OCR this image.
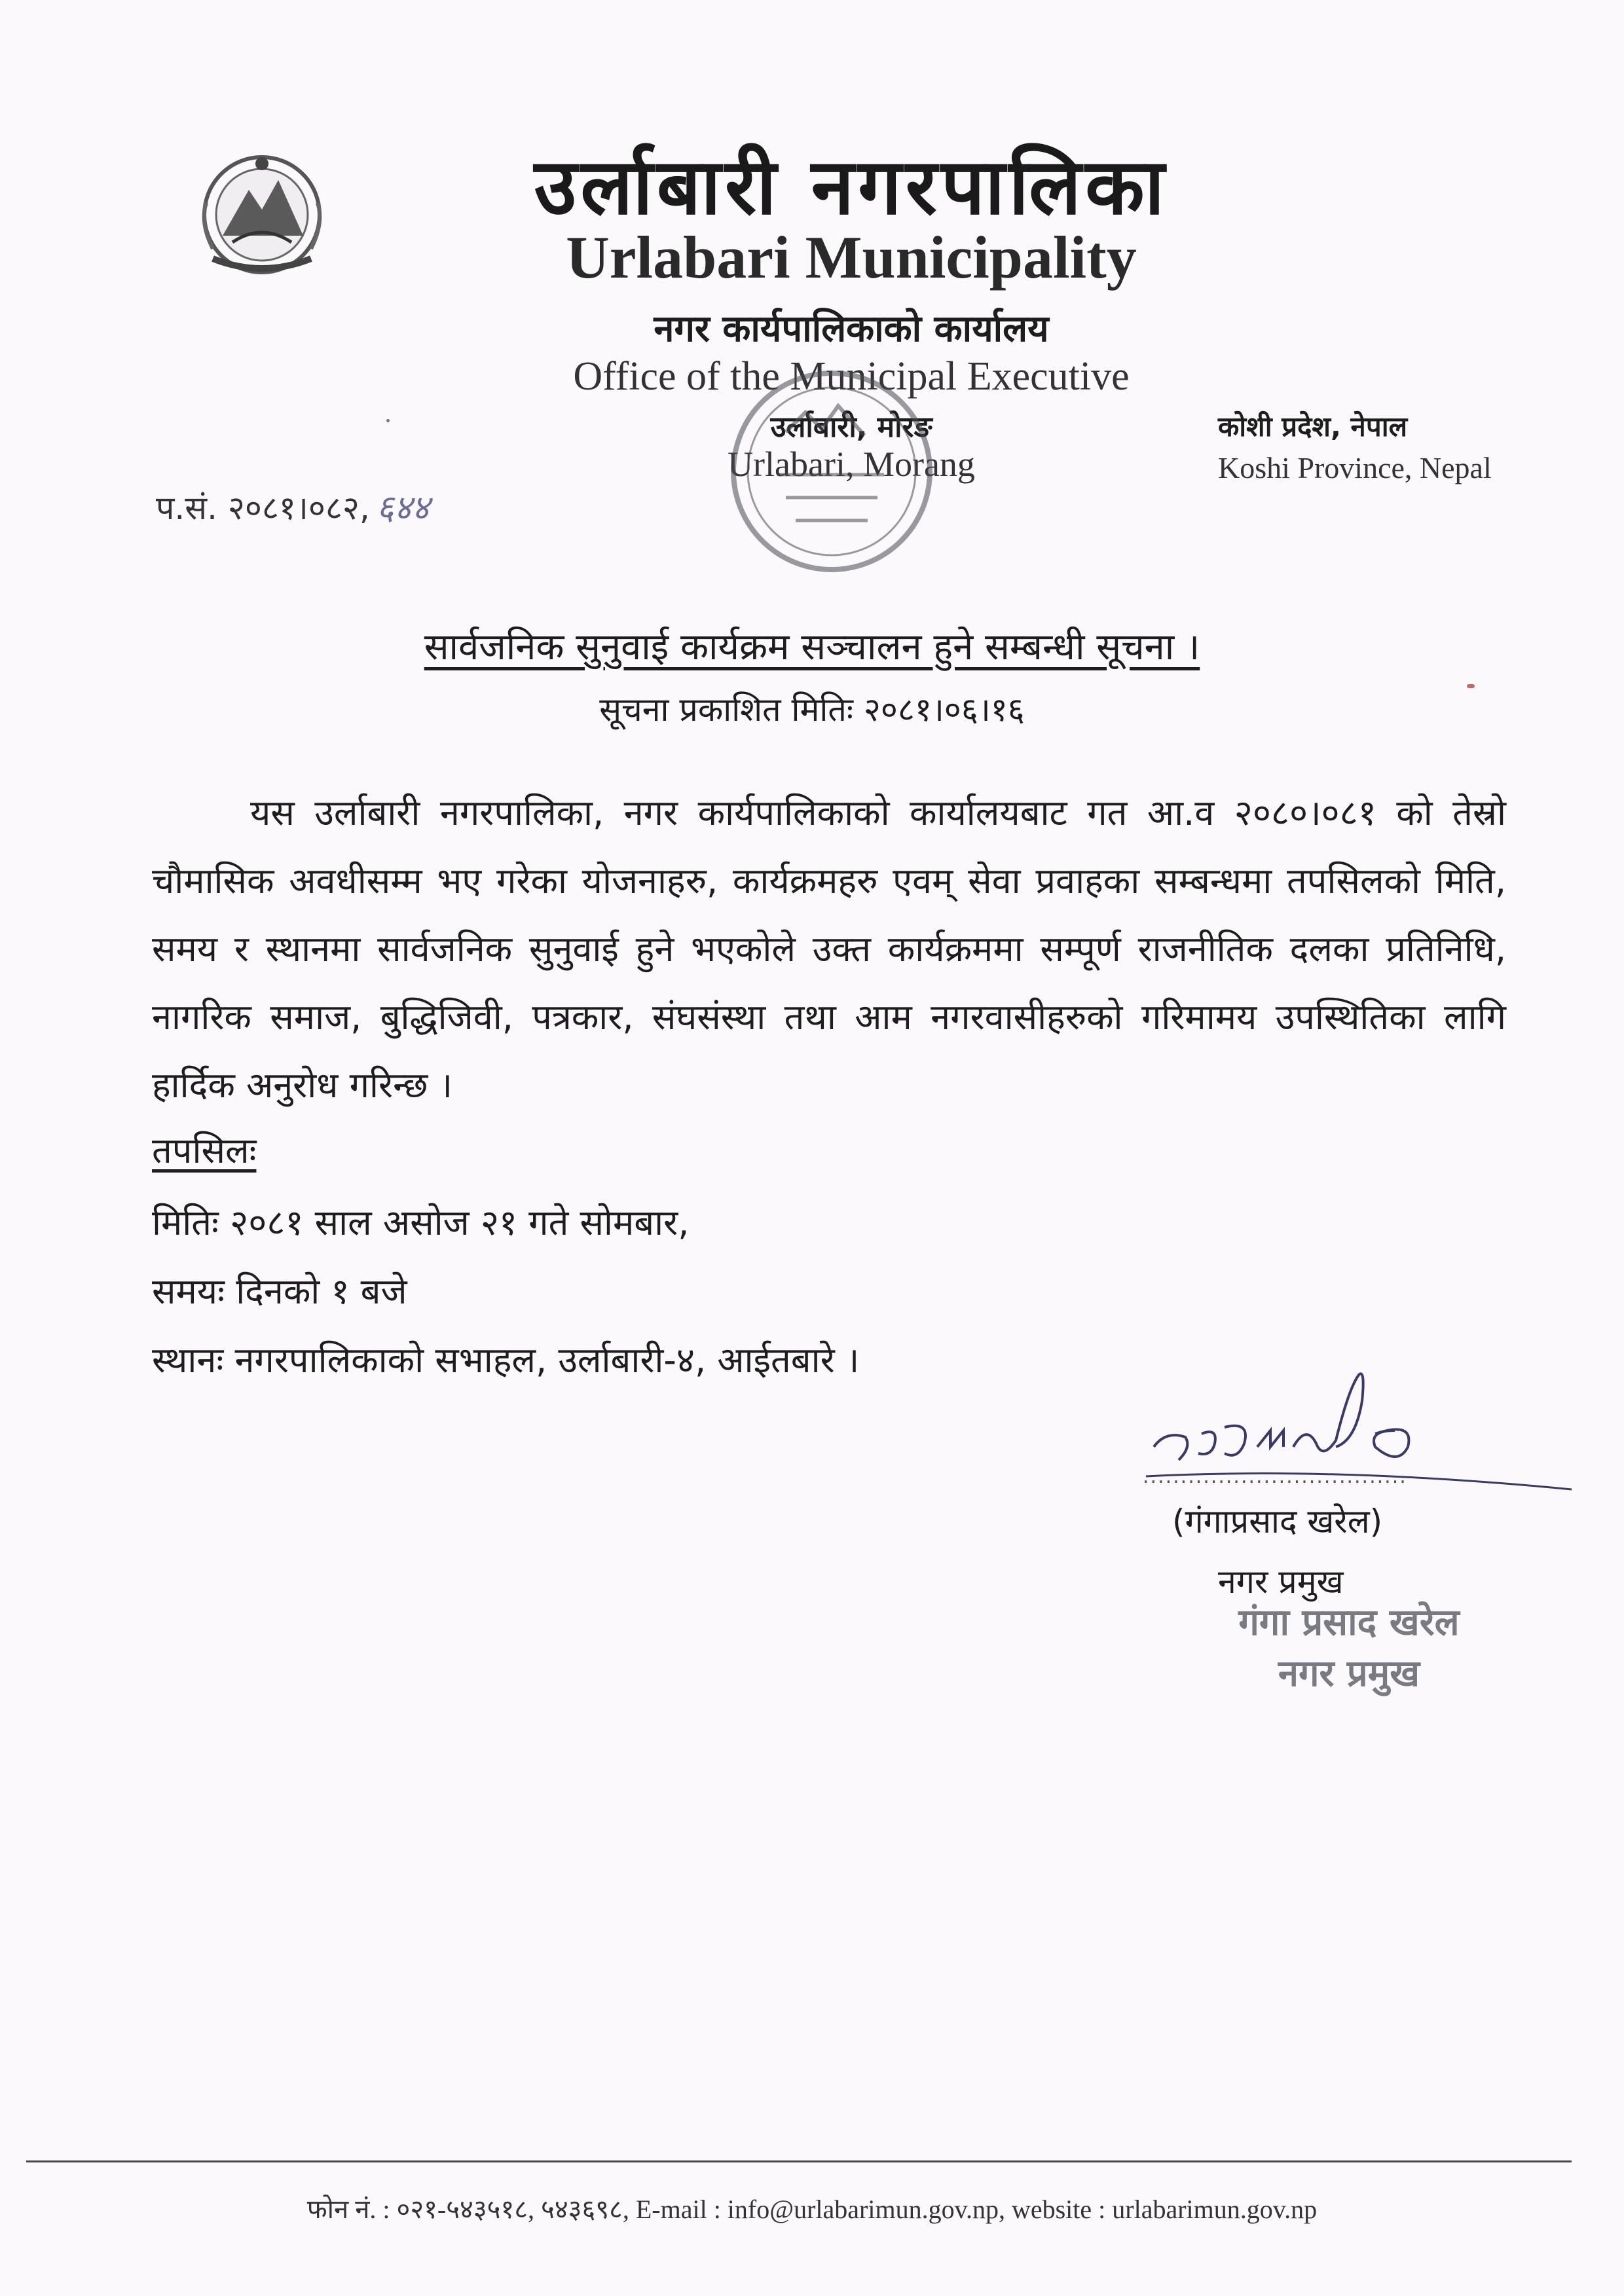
उर्लाबारी नगरपालिका
Urlabari Municipality
नगर कार्यपालिकाको कार्यालय
Office of the Municipal Executive
उर्लाबारी, मोरङ
Urlabari, Morang
कोशी प्रदेश, नेपाल
Koshi Province, Nepal
प.सं. २०८१।०८२, ६४४
सार्वजनिक सुनुवाई कार्यक्रम सञ्चालन हुने सम्बन्धी सूचना ।
सूचना प्रकाशित मितिः २०८१।०६।१६
यस उर्लाबारी नगरपालिका, नगर कार्यपालिकाको कार्यालयबाट गत आ.व २०८०।०८१ को तेस्रो चौमासिक अवधीसम्म भए गरेका योजनाहरु, कार्यक्रमहरु एवम् सेवा प्रवाहका सम्बन्धमा तपसिलको मिति, समय र स्थानमा सार्वजनिक सुनुवाई हुने भएकोले उक्त कार्यक्रममा सम्पूर्ण राजनीतिक दलका प्रतिनिधि, नागरिक समाज, बुद्धिजिवी, पत्रकार, संघसंस्था तथा आम नगरवासीहरुको गरिमामय उपस्थितिका लागि हार्दिक अनुरोध गरिन्छ ।
तपसिलः
मितिः २०८१ साल असोज २१ गते सोमबार,
समयः दिनको १ बजे
स्थानः नगरपालिकाको सभाहल, उर्लाबारी-४, आईतबारे ।
...................................
(गंगाप्रसाद खरेल)
नगर प्रमुख
गंगा प्रसाद खरेल
नगर प्रमुख
फोन नं. : ०२१-५४३५१८, ५४३६९८, E-mail : info@urlabarimun.gov.np, website : urlabarimun.gov.np
